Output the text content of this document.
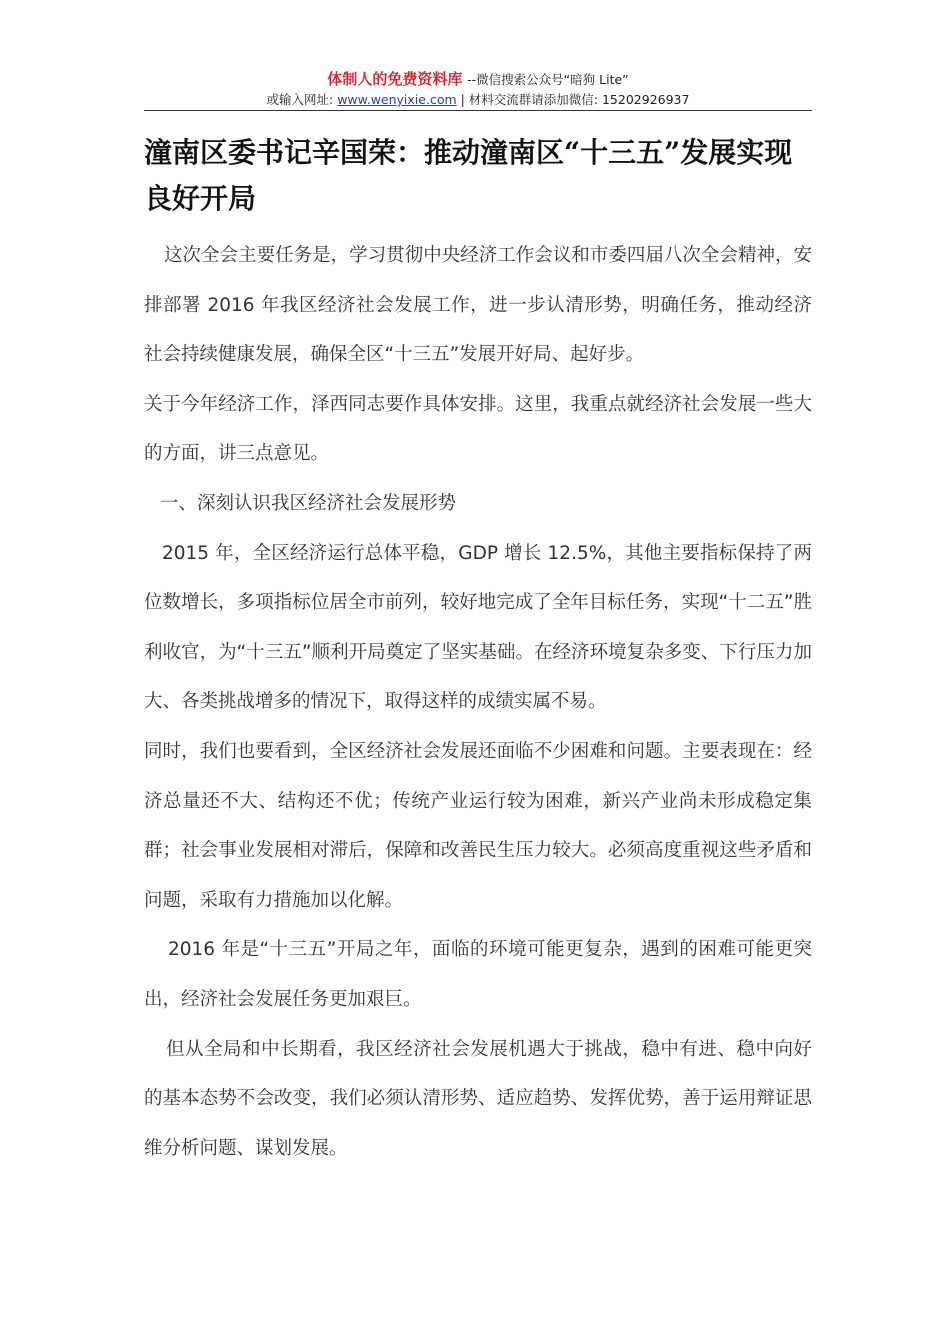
体制人的免费资料库 --微信搜索公众号“暗狗 Lite”
或输入网址: www.wenyixie.com | 材料交流群请添加微信: 15202926937
潼南区委书记辛国荣：推动潼南区“十三五”发展实现良好开局

这次全会主要任务是，学习贯彻中央经济工作会议和市委四届八次全会精神，安排部署 2016 年我区经济社会发展工作，进一步认清形势，明确任务，推动经济社会持续健康发展，确保全区“十三五”发展开好局、起好步。

关于今年经济工作，泽西同志要作具体安排。这里，我重点就经济社会发展一些大的方面，讲三点意见。

一、深刻认识我区经济社会发展形势

2015 年，全区经济运行总体平稳，GDP 增长 12.5%，其他主要指标保持了两位数增长，多项指标位居全市前列，较好地完成了全年目标任务，实现“十二五”胜利收官，为“十三五”顺利开局奠定了坚实基础。在经济环境复杂多变、下行压力加大、各类挑战增多的情况下，取得这样的成绩实属不易。

同时，我们也要看到，全区经济社会发展还面临不少困难和问题。主要表现在：经济总量还不大、结构还不优；传统产业运行较为困难，新兴产业尚未形成稳定集群；社会事业发展相对滞后，保障和改善民生压力较大。必须高度重视这些矛盾和问题，采取有力措施加以化解。

2016 年是“十三五”开局之年，面临的环境可能更复杂，遇到的困难可能更突出，经济社会发展任务更加艰巨。

但从全局和中长期看，我区经济社会发展机遇大于挑战，稳中有进、稳中向好的基本态势不会改变，我们必须认清形势、适应趋势、发挥优势，善于运用辩证思维分析问题、谋划发展。
